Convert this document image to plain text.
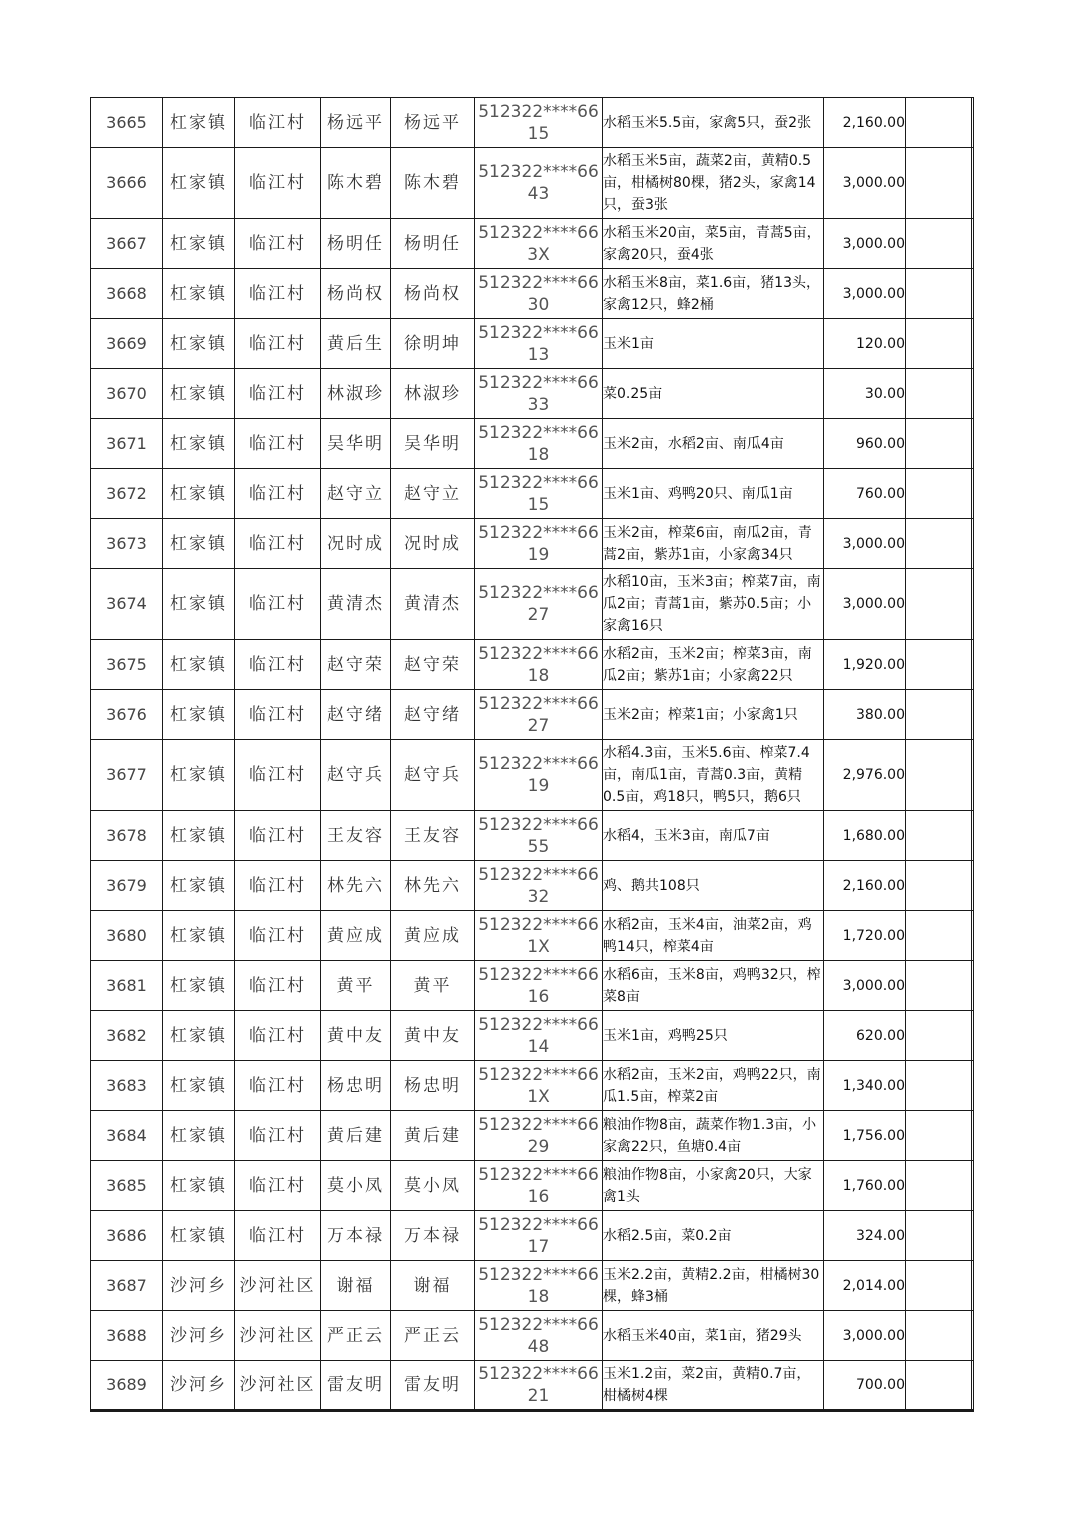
3665	杠家镇	临江村	杨远平	杨远平	512322****6615	水稻玉米5.5亩，家禽5只，蚕2张	2,160.00		
3666	杠家镇	临江村	陈木碧	陈木碧	512322****6643	水稻玉米5亩，蔬菜2亩，黄精0.5亩，柑橘树80棵，猪2头，家禽14只，蚕3张	3,000.00		
3667	杠家镇	临江村	杨明任	杨明任	512322****663X	水稻玉米20亩，菜5亩，青蒿5亩，家禽20只，蚕4张	3,000.00		
3668	杠家镇	临江村	杨尚权	杨尚权	512322****6630	水稻玉米8亩，菜1.6亩，猪13头，家禽12只，蜂2桶	3,000.00		
3669	杠家镇	临江村	黄后生	徐明坤	512322****6613	玉米1亩	120.00		
3670	杠家镇	临江村	林淑珍	林淑珍	512322****6633	菜0.25亩	30.00		
3671	杠家镇	临江村	吴华明	吴华明	512322****6618	玉米2亩，水稻2亩、南瓜4亩	960.00		
3672	杠家镇	临江村	赵守立	赵守立	512322****6615	玉米1亩、鸡鸭20只、南瓜1亩	760.00		
3673	杠家镇	临江村	况时成	况时成	512322****6619	玉米2亩，榨菜6亩，南瓜2亩，青蒿2亩，紫苏1亩，小家禽34只	3,000.00		
3674	杠家镇	临江村	黄清杰	黄清杰	512322****6627	水稻10亩，玉米3亩；榨菜7亩，南瓜2亩；青蒿1亩，紫苏0.5亩；小家禽16只	3,000.00		
3675	杠家镇	临江村	赵守荣	赵守荣	512322****6618	水稻2亩，玉米2亩；榨菜3亩，南瓜2亩；紫苏1亩；小家禽22只	1,920.00		
3676	杠家镇	临江村	赵守绪	赵守绪	512322****6627	玉米2亩；榨菜1亩；小家禽1只	380.00		
3677	杠家镇	临江村	赵守兵	赵守兵	512322****6619	水稻4.3亩，玉米5.6亩、榨菜7.4亩，南瓜1亩，青蒿0.3亩，黄精0.5亩，鸡18只，鸭5只，鹅6只	2,976.00		
3678	杠家镇	临江村	王友容	王友容	512322****6655	水稻4，玉米3亩，南瓜7亩	1,680.00		
3679	杠家镇	临江村	林先六	林先六	512322****6632	鸡、鹅共108只	2,160.00		
3680	杠家镇	临江村	黄应成	黄应成	512322****661X	水稻2亩，玉米4亩，油菜2亩，鸡鸭14只，榨菜4亩	1,720.00		
3681	杠家镇	临江村	黄平	黄平	512322****6616	水稻6亩，玉米8亩，鸡鸭32只，榨菜8亩	3,000.00		
3682	杠家镇	临江村	黄中友	黄中友	512322****6614	玉米1亩，鸡鸭25只	620.00		
3683	杠家镇	临江村	杨忠明	杨忠明	512322****661X	水稻2亩，玉米2亩，鸡鸭22只，南瓜1.5亩，榨菜2亩	1,340.00		
3684	杠家镇	临江村	黄后建	黄后建	512322****6629	粮油作物8亩，蔬菜作物1.3亩，小家禽22只，鱼塘0.4亩	1,756.00		
3685	杠家镇	临江村	莫小凤	莫小凤	512322****6616	粮油作物8亩，小家禽20只，大家禽1头	1,760.00		
3686	杠家镇	临江村	万本禄	万本禄	512322****6617	水稻2.5亩，菜0.2亩	324.00		
3687	沙河乡	沙河社区	谢福	谢福	512322****6618	玉米2.2亩，黄精2.2亩，柑橘树30棵，蜂3桶	2,014.00		
3688	沙河乡	沙河社区	严正云	严正云	512322****6648	水稻玉米40亩，菜1亩，猪29头	3,000.00		
3689	沙河乡	沙河社区	雷友明	雷友明	512322****6621	玉米1.2亩，菜2亩，黄精0.7亩，柑橘树4棵	700.00		
